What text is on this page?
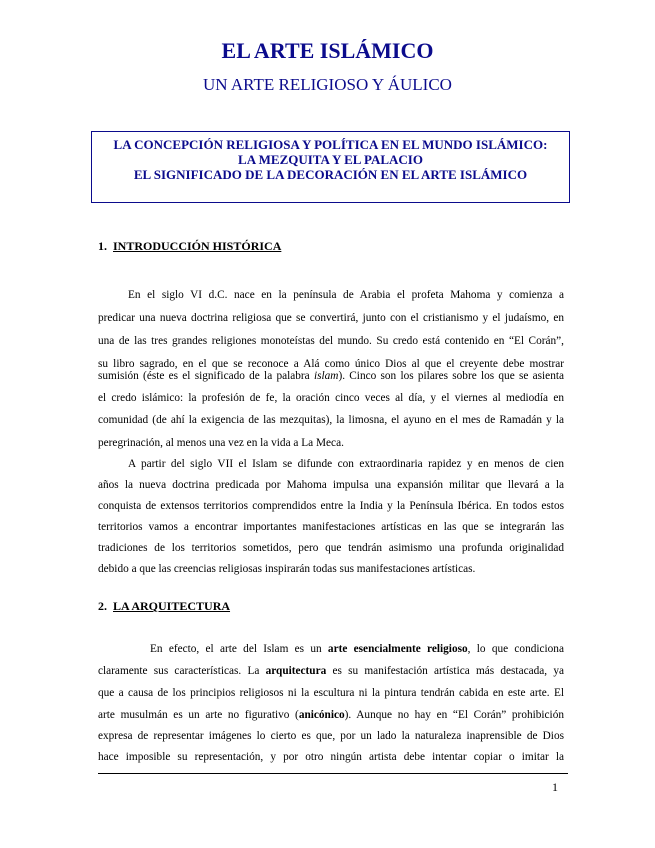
EL ARTE ISLÁMICO
UN ARTE RELIGIOSO Y ÁULICO
LA CONCEPCIÓN RELIGIOSA Y POLÍTICA EN EL MUNDO ISLÁMICO:
LA MEZQUITA Y EL PALACIO
EL SIGNIFICADO DE LA DECORACIÓN EN EL ARTE ISLÁMICO
1. INTRODUCCIÓN HISTÓRICA
En el siglo VI d.C. nace en la península de Arabia el profeta Mahoma y comienza a
predicar una nueva doctrina religiosa que se convertirá, junto con el cristianismo y el judaísmo, en
una de las tres grandes religiones monoteístas del mundo. Su credo está contenido en “El Corán”,
su libro sagrado, en el que se reconoce a Alá como único Dios al que el creyente debe mostrar
sumisión (éste es el significado de la palabra islam). Cinco son los pilares sobre los que se asienta
el credo islámico: la profesión de fe, la oración cinco veces al día, y el viernes al mediodía en
comunidad (de ahí la exigencia de las mezquitas), la limosna, el ayuno en el mes de Ramadán y la
peregrinación, al menos una vez en la vida a La Meca.
A partir del siglo VII el Islam se difunde con extraordinaria rapidez y en menos de cien
años la nueva doctrina predicada por Mahoma impulsa una expansión militar que llevará a la
conquista de extensos territorios comprendidos entre la India y la Península Ibérica. En todos estos
territorios vamos a encontrar importantes manifestaciones artísticas en las que se integrarán las
tradiciones de los territorios sometidos, pero que tendrán asimismo una profunda originalidad
debido a que las creencias religiosas inspirarán todas sus manifestaciones artísticas.
2. LA ARQUITECTURA
En efecto, el arte del Islam es un arte esencialmente religioso, lo que condiciona
claramente sus características. La arquitectura es su manifestación artística más destacada, ya
que a causa de los principios religiosos ni la escultura ni la pintura tendrán cabida en este arte. El
arte musulmán es un arte no figurativo (anicónico). Aunque no hay en “El Corán” prohibición
expresa de representar imágenes lo cierto es que, por un lado la naturaleza inaprensible de Dios
hace imposible su representación, y por otro ningún artista debe intentar copiar o imitar la
1
